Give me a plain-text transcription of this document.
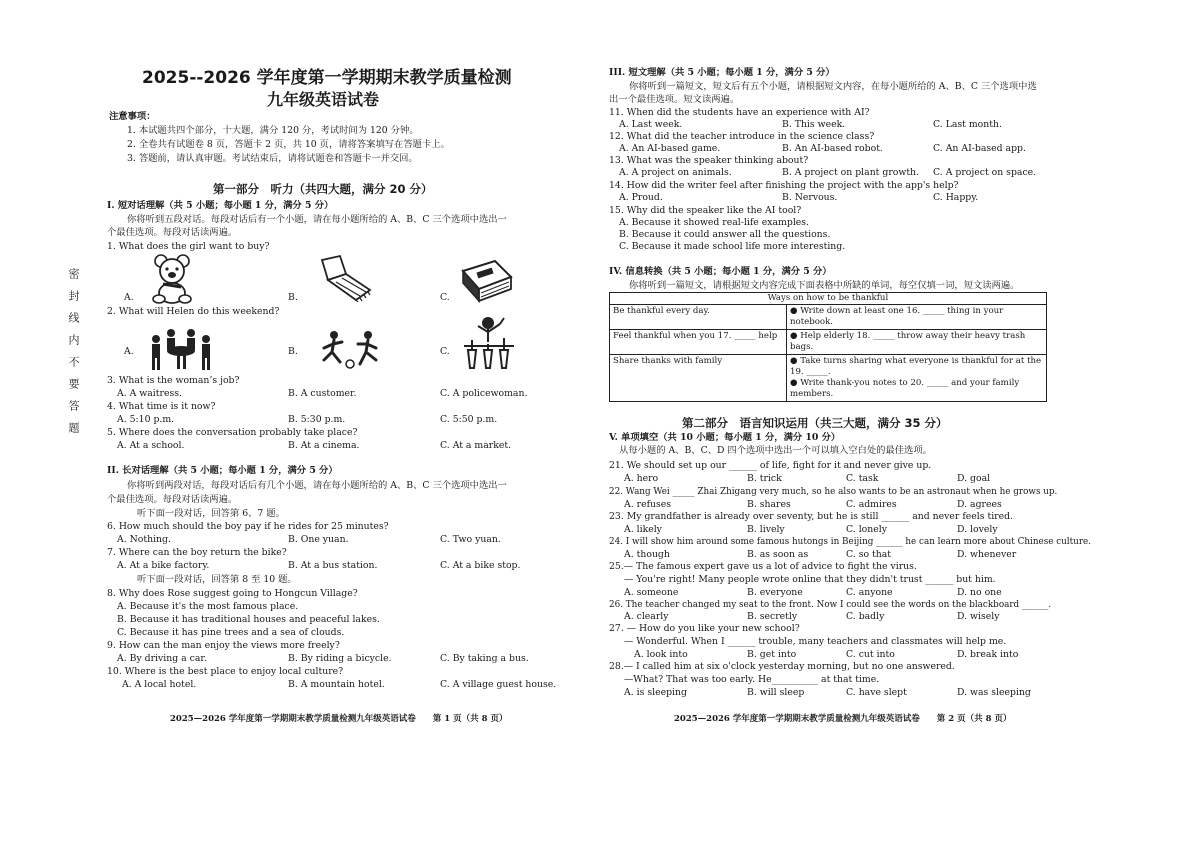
密　封　线　内　不　要　答　题
2025--2026 学年度第一学期期末教学质量检测
九年级英语试卷
注意事项：
1. 本试题共四个部分，十大题，满分 120 分，考试时间为 120 分钟。
2. 全卷共有试题卷 8 页，答题卡 2 页，共 10 页，请将答案填写在答题卡上。
3. 答题前，请认真审题。考试结束后，请将试题卷和答题卡一并交回。
第一部分　听力（共四大题，满分 20 分）
I. 短对话理解（共 5 小题；每小题 1 分，满分 5 分）
你将听到五段对话。每段对话后有一个小题，请在每小题所给的 A、B、C 三个选项中选出一
个最佳选项。每段对话读两遍。
1. What does the girl want to buy?
A.	B.	C.
2. What will Helen do this weekend?
A.	B.	C.
3. What is the woman’s job?
A. A waitress.	B. A customer.	C. A policewoman.
4. What time is it now?
A. 5:10 p.m.	B. 5:30 p.m.	C. 5:50 p.m.
5. Where does the conversation probably take place?
A. At a school.	B. At a cinema.	C. At a market.
II. 长对话理解（共 5 小题；每小题 1 分，满分 5 分）
你将听到两段对话，每段对话后有几个小题，请在每小题所给的 A、B、C 三个选项中选出一
个最佳选项。每段对话读两遍。
听下面一段对话，回答第 6、7 题。
6. How much should the boy pay if he rides for 25 minutes?
A. Nothing.	B. One yuan.	C. Two yuan.
7. Where can the boy return the bike?
A. At a bike factory.	B. At a bus station.	C. At a bike stop.
听下面一段对话，回答第 8 至 10 题。
8. Why does Rose suggest going to Hongcun Village?
A. Because it's the most famous place.
B. Because it has traditional houses and peaceful lakes.
C. Because it has pine trees and a sea of clouds.
9. How can the man enjoy the views more freely?
A. By driving a car.	B. By riding a bicycle.	C. By taking a bus.
10. Where is the best place to enjoy local culture?
A. A local hotel.	B. A mountain hotel.	C. A village guest house.
2025—2026 学年度第一学期期末教学质量检测九年级英语试卷　　第 1 页（共 8 页）
III. 短文理解（共 5 小题；每小题 1 分，满分 5 分）
你将听到一篇短文，短文后有五个小题，请根据短文内容，在每小题所给的 A、B、C 三个选项中选
出一个最佳选项。短文读两遍。
11. When did the students have an experience with AI?
A. Last week.	B. This week.	C. Last month.
12. What did the teacher introduce in the science class?
A. An AI-based game.	B. An AI-based robot.	C. An AI-based app.
13. What was the speaker thinking about?
A. A project on animals.	B. A project on plant growth. C. A project on space.
14. How did the writer feel after finishing the project with the app's help?
A. Proud.	B. Nervous.	C. Happy.
15. Why did the speaker like the AI tool?
A. Because it showed real-life examples.
B. Because it could answer all the questions.
C. Because it made school life more interesting.
IV. 信息转换（共 5 小题；每小题 1 分，满分 5 分）
你将听到一篇短文，请根据短文内容完成下面表格中所缺的单词，每空仅填一词，短文读两遍。
第二部分　语言知识运用（共三大题，满分 35 分）
V. 单项填空（共 10 小题；每小题 1 分，满分 10 分）
从每小题的 A、B、C、D 四个选项中选出一个可以填入空白处的最佳选项。
21. We should set up our ______ of life, fight for it and never give up.
A. hero	B. trick	C. task	D. goal
22. Wang Wei _____ Zhai Zhigang very much, so he also wants to be an astronaut when he grows up.
A. refuses	B. shares	C. admires	D. agrees
23. My grandfather is already over seventy, but he is still ______ and never feels tired.
A. likely	B. lively	C. lonely	D. lovely
24. I will show him around some famous hutongs in Beijing ______ he can learn more about Chinese culture.
A. though	B. as soon as	C. so that	D. whenever
25.— The famous expert gave us a lot of advice to fight the virus.
— You're right! Many people wrote online that they didn't trust ______ but him.
A. someone	B. everyone	C. anyone	D. no one
26. The teacher changed my seat to the front. Now I could see the words on the blackboard ______.
A. clearly	B. secretly	C. badly	D. wisely
27. — How do you like your new school?
— Wonderful. When I ______ trouble, many teachers and classmates will help me.
A. look into	B. get into	C. cut into	D. break into
28.— I called him at six o'clock yesterday morning, but no one answered.
—What? That was too early. He__________ at that time.
A. is sleeping	B. will sleep	C. have slept	D. was sleeping
2025—2026 学年度第一学期期末教学质量检测九年级英语试卷　　第 2 页（共 8 页）
Ways on how to be thankful	
Be thankful every day.	● Write down at least one 16. _____ thing in your notebook.
Feel thankful when you 17. _____ help	● Help elderly 18. _____ throw away their heavy trash bags.
Share thanks with family	● Take turns sharing what everyone is thankful for at the 19. _____.
● Write thank-you notes to 20. _____ and your family members.
